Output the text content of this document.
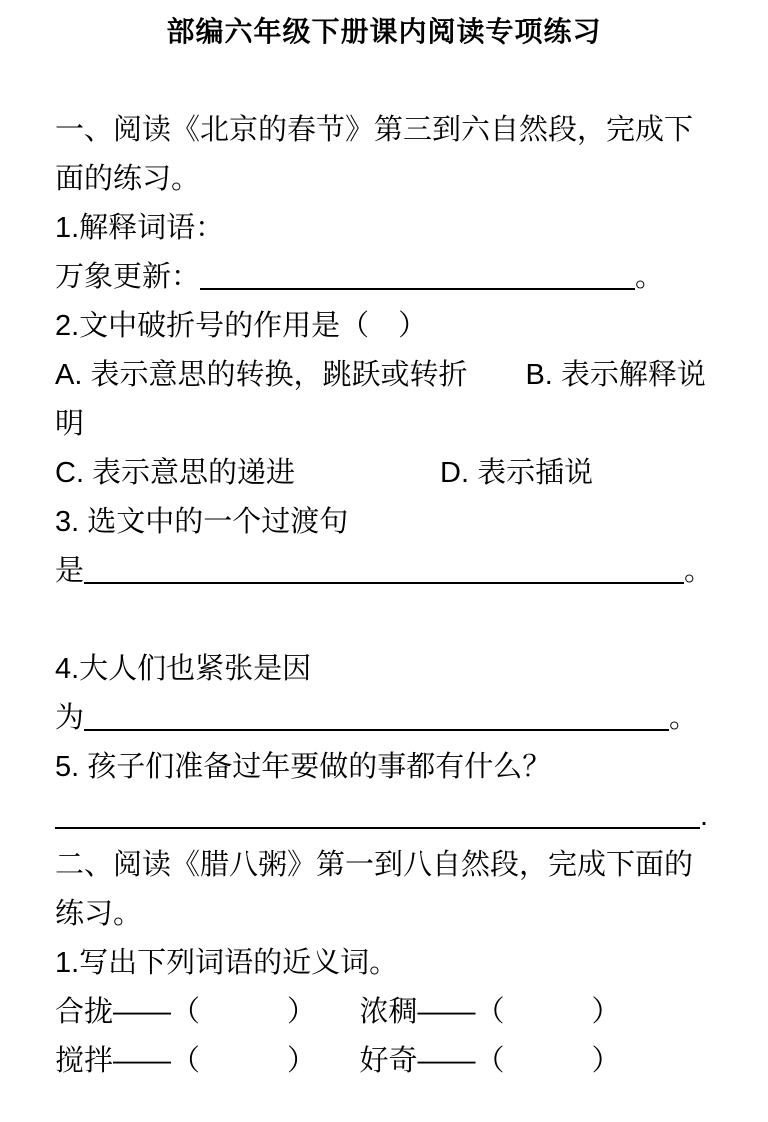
部编六年级下册课内阅读专项练习
一、阅读《北京的春节》第三到六自然段，完成下
面的练习。
1.解释词语：
万象更新：	。
2.文中破折号的作用是（　）
A. 表示意思的转换，跳跃或转折　　B. 表示解释说
明
C. 表示意思的递进　　　　　D. 表示插说
3. 选文中的一个过渡句
是	。
4.大人们也紧张是因
为	。
5. 孩子们准备过年要做的事都有什么？
.
二、阅读《腊八粥》第一到八自然段，完成下面的
练习。
1.写出下列词语的近义词。
合拢——（　　　）　　浓稠——（　　　）
搅拌——（　　　）　　好奇——（　　　）
